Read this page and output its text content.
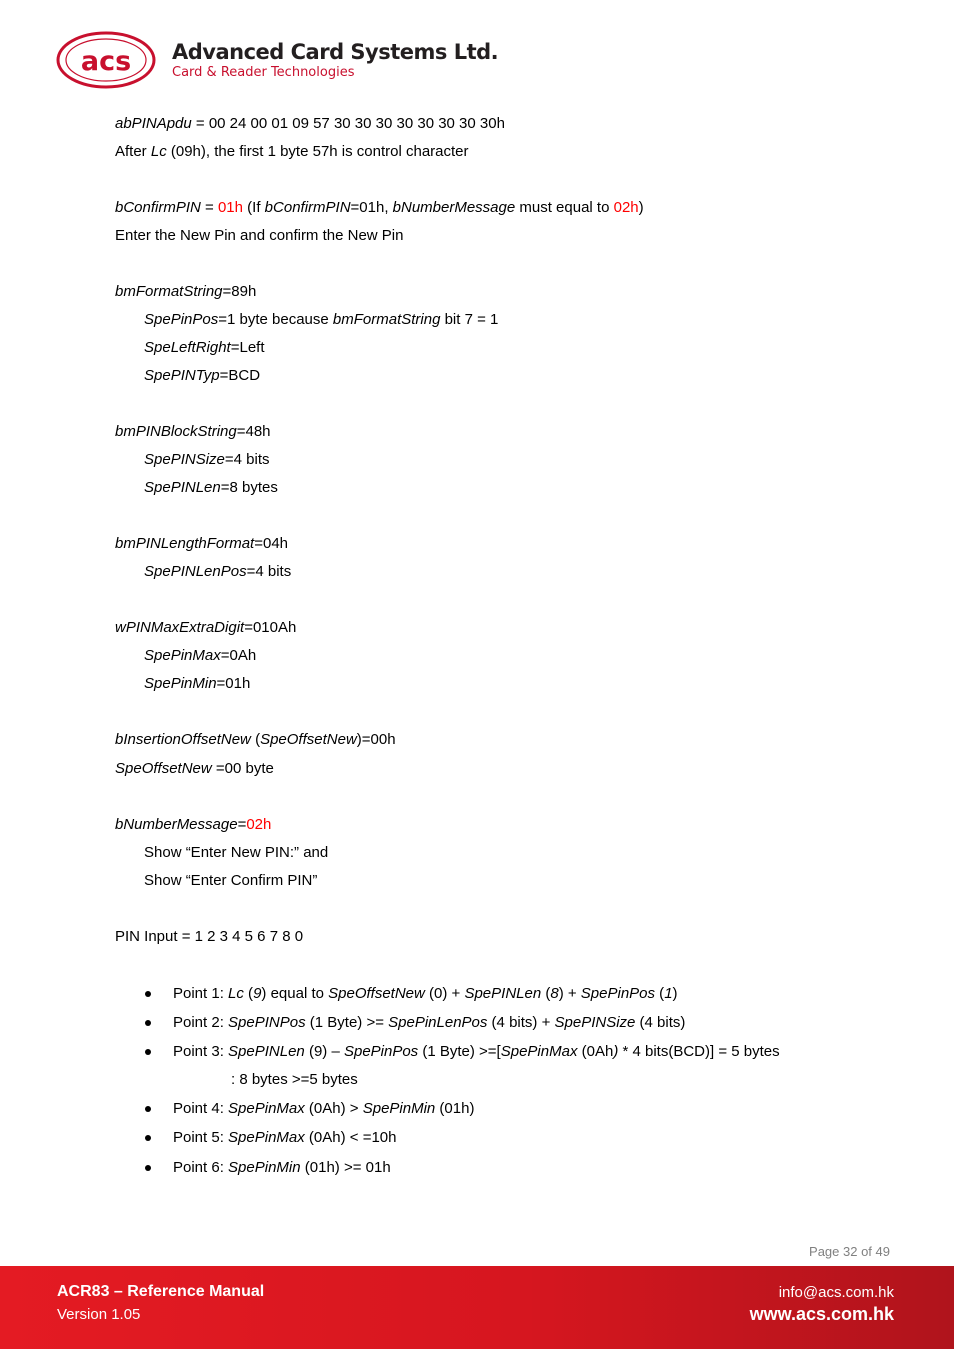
acs Advanced Card Systems Ltd.
Card & Reader Technologies
abPINApdu = 00 24 00 01 09 57 30 30 30 30 30 30 30 30h
After Lc (09h), the first 1 byte 57h is control character
bConfirmPIN = 01h (If bConfirmPIN=01h, bNumberMessage must equal to 02h)
Enter the New Pin and confirm the New Pin
bmFormatString=89h
SpePinPos=1 byte because bmFormatString bit 7 = 1
SpeLeftRight=Left
SpePINTyp=BCD
bmPINBlockString=48h
SpePINSize=4 bits
SpePINLen=8 bytes
bmPINLengthFormat=04h
SpePINLenPos=4 bits
wPINMaxExtraDigit=010Ah
SpePinMax=0Ah
SpePinMin=01h
bInsertionOffsetNew (SpeOffsetNew)=00h
SpeOffsetNew =00 byte
bNumberMessage=02h
Show “Enter New PIN:” and
Show “Enter Confirm PIN”
PIN Input = 1 2 3 4 5 6 7 8 0
Point 1: Lc (9) equal to SpeOffsetNew (0) + SpePINLen (8) + SpePinPos (1)
Point 2: SpePINPos (1 Byte) >= SpePinLenPos (4 bits) + SpePINSize (4 bits)
Point 3: SpePINLen (9) – SpePinPos (1 Byte) >=[SpePinMax (0Ah) * 4 bits(BCD)] = 5 bytes
: 8 bytes >=5 bytes
Point 4: SpePinMax (0Ah) > SpePinMin (01h)
Point 5: SpePinMax (0Ah) < =10h
Point 6: SpePinMin (01h) >= 01h
Page 32 of 49
ACR83 – Reference Manual
Version 1.05
info@acs.com.hk
www.acs.com.hk
